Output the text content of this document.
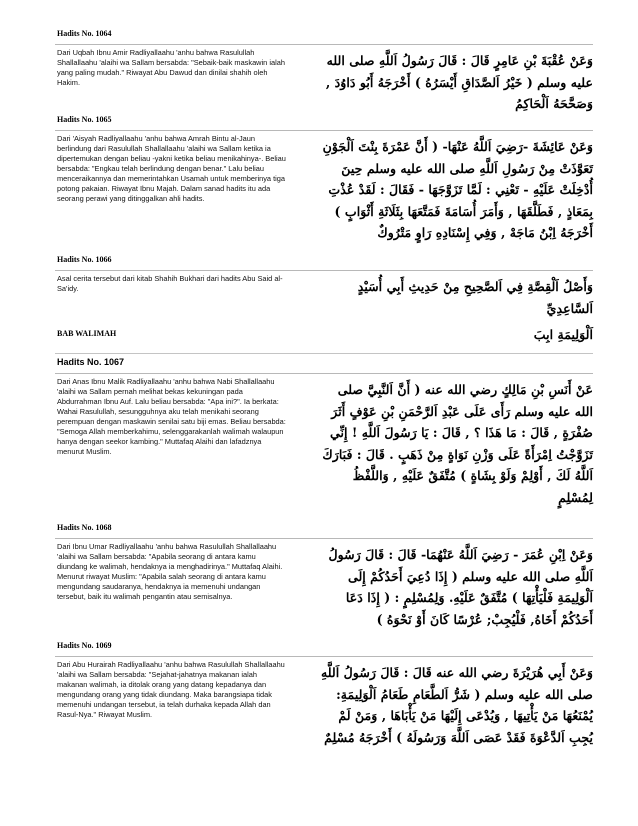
Hadits No. 1064
Dari Uqbah Ibnu Amir Radliyallaahu 'anhu bahwa Rasulullah Shallallaahu 'alaihi wa Sallam bersabda: "Sebaik-baik maskawin ialah yang paling mudah." Riwayat Abu Dawud dan dinilai shahih oleh Hakim.
وَعَنْ عُقْبَةَ بْنِ عَامِرٍ قَالَ : قَالَ رَسُولُ اَللَّهِ صلى الله عليه وسلم ( خَيْرُ اَلصَّدَاقِ أَيْسَرُهُ ) أَخْرَجَهُ أَبُو دَاوُدَ , وَصَحَّحَهُ اَلْحَاكِمُ
Hadits No. 1065
Dari 'Aisyah Radliyallaahu 'anhu bahwa Amrah Bintu al-Jaun berlindung dari Rasulullah Shallallaahu 'alaihi wa Sallam ketika ia dipertemukan dengan beliau -yakni ketika beliau menikahinya-. Beliau bersabda: "Engkau telah berlindung dengan benar." Lalu beliau menceraikannya dan memerintahkan Usamah untuk memberinya tiga potong pakaian. Riwayat Ibnu Majah. Dalam sanad hadits itu ada seorang perawi yang ditinggalkan ahli hadits.
وَعَنْ عَائِشَةَ -رَضِيَ اَللَّهُ عَنْهَا- ( أَنَّ عَمْرَةَ بِنْتَ اَلْجَوْنِ تَعَوَّذَتْ مِنْ رَسُولِ اَللَّهِ صلى الله عليه وسلم حِينَ أُدْخِلَتْ عَلَيْهِ - تَعْنِي : لَمَّا تَزَوَّجَهَا - فَقَالَ : لَقَدْ عُذْتِ بِمَعَاذٍ , فَطَلَّقَهَا , وَأَمَرَ أُسَامَةَ فَمَتَّعَهَا بِثَلَاثَةِ أَثْوَابٍ ) أَخْرَجَهُ اِبْنُ مَاجَهْ , وَفِي إِسْنَادِهِ رَاوٍ مَتْرُوكٌ
Hadits No. 1066
Asal cerita tersebut dari kitab Shahih Bukhari dari hadits Abu Said al-Sa'idy.	وَأَصْلُ اَلْقِصَّةِ فِي اَلصَّحِيحِ مِنْ حَدِيثِ أَبِي أُسَيْدٍ اَلسَّاعِدِيِّ
BAB WALIMAH	اَلْوَلِيمَةِ ابِبَ
Hadits No. 1067
Dari Anas Ibnu Malik Radliyallaahu 'anhu bahwa Nabi Shallallaahu 'alaihi wa Sallam pernah melihat bekas kekuningan pada Abdurrahman Ibnu Auf. Lalu beliau bersabda: "Apa ini?". Ia berkata: Wahai Rasulullah, sesungguhnya aku telah menikahi seorang perempuan dengan maskawin senilai satu biji emas. Beliau bersabda: "Semoga Allah memberkahimu, selenggarakanlah walimah walaupun hanya dengan seekor kambing." Muttafaq Alaihi dan lafadznya menurut Muslim.
عَنْ أَنَسِ بْنِ مَالِكٍ رضي الله عنه ( أَنَّ اَلنَّبِيَّ صلى الله عليه وسلم رَأَى عَلَى عَبْدِ اَلرَّحْمَنِ بْنِ عَوْفٍ أَثَرَ صُفْرَةٍ , قَالَ : مَا هَذَا ؟ , قَالَ : يَا رَسُولَ اَللَّهِ ! إِنِّي تَزَوَّجْتُ اِمْرَأَةً عَلَى وَزْنِ نَوَاةٍ مِنْ ذَهَبٍ . قَالَ : فَبَارَكَ اَللَّهُ لَكَ , أَوْلِمْ وَلَوْ بِشَاةٍ ) مُتَّفَقٌ عَلَيْهِ , وَاللَّفْظُ لِمُسْلِمٍ
Hadits No. 1068
Dari Ibnu Umar Radliyallaahu 'anhu bahwa Rasulullah Shallallaahu 'alaihi wa Sallam bersabda: "Apabila seorang di antara kamu diundang ke walimah, hendaknya ia menghadirinya." Muttafaq Alaihi. Menurut riwayat Muslim: "Apabila salah seorang di antara kamu mengundang saudaranya, hendaknya ia memenuhi undangan tersebut, baik itu walimah pengantin atau semisalnya.
وَعَنْ اِبْنِ عُمَرَ - رَضِيَ اَللَّهُ عَنْهُمَا- قَالَ : قَالَ رَسُولُ اَللَّهِ صلى الله عليه وسلم ( إِذَا دُعِيَ أَحَدُكُمْ إِلَى اَلْوَلِيمَةِ فَلْيَأْتِهَا ) مُتَّفَقٌ عَلَيْهِ. وَلِمُسْلِمٍ : ( إِذَا دَعَا أَحَدُكُمْ أَخَاهُ, فَلْيُجِبْ; عُرْسًا كَانَ أَوْ نَحْوَهُ )
Hadits No. 1069
Dari Abu Hurairah Radliyallaahu 'anhu bahwa Rasulullah Shallallaahu 'alaihi wa Sallam bersabda: "Sejahat-jahatnya makanan ialah makanan walimah, ia ditolak orang yang datang kepadanya dan mengundang orang yang tidak diundang. Maka barangsiapa tidak memenuhi undangan tersebut, ia telah durhaka kepada Allah dan Rasul-Nya." Riwayat Muslim.
وَعَنْ أَبِي هُرَيْرَةَ رضي الله عنه قَالَ : قَالَ رَسُولُ اَللَّهِ صلى الله عليه وسلم ( شَرُّ اَلطَّعَامِ طَعَامُ اَلْوَلِيمَةِ: يُمْنَعُهَا مَنْ يَأْتِيهَا , وَيُدْعَى إِلَيْهَا مَنْ يَأْبَاهَا , وَمَنْ لَمْ يُجِبِ اَلدَّعْوَةَ فَقَدْ عَصَى اَللَّهَ وَرَسُولَهُ ) أَخْرَجَهُ مُسْلِمٌ
